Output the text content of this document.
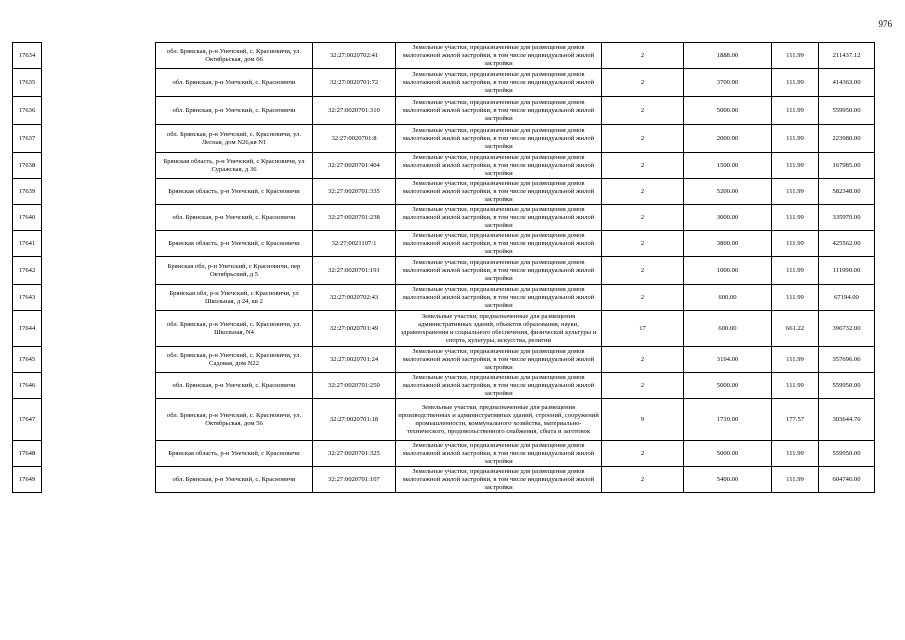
976
17634		обл. Брянская, р-н Унечский, с. Красновичи, ул. Октябрьская, дом 66	32:27:0020702:41	Земельные участки, предназначенные для размещения домов малоэтажной жилой застройки, в том числе индивидуальной жилой застройки	2	1888.00	111.99	211437.12
17635		обл. Брянская, р-н Унечский, с. Красновичи	32:27:0020701:72	Земельные участки, предназначенные для размещения домов малоэтажной жилой застройки, в том числе индивидуальной жилой застройки	2	3700.00	111.99	414363.00
17636		обл. Брянская, р-н Унечский, с. Красновичи	32:27:0020701:310	Земельные участки, предназначенные для размещения домов малоэтажной жилой застройки, в том числе индивидуальной жилой застройки	2	5000.00	111.99	559950.00
17637		обл. Брянская, р-н Унечский, с. Красновичи, ул. Лесная, дом N26,кв N1	32:27:0020701:8	Земельные участки, предназначенные для размещения домов малоэтажной жилой застройки, в том числе индивидуальной жилой застройки	2	2000.00	111.99	223980.00
17638		Брянская область, р-н Унечский, с Красновичи, ул Суражская, д 36	32:27:0020701:404	Земельные участки, предназначенные для размещения домов малоэтажной жилой застройки, в том числе индивидуальной жилой застройки	2	1500.00	111.99	167985.00
17639		Брянская область, р-н Унечский, с Красновичи	32:27:0020701:335	Земельные участки, предназначенные для размещения домов малоэтажной жилой застройки, в том числе индивидуальной жилой застройки	2	5200.00	111.99	582348.00
17640		обл. Брянская, р-н Унечский, с. Красновичи	32:27:0020701:238	Земельные участки, предназначенные для размещения домов малоэтажной жилой застройки, в том числе индивидуальной жилой застройки	2	3000.00	111.99	335970.00
17641		Брянская область, р-н Унечский, с Красновичи	32:27:0021107:1	Земельные участки, предназначенные для размещения домов малоэтажной жилой застройки, в том числе индивидуальной жилой застройки	2	3800.00	111.99	425562.00
17642		Брянская обл, р-н Унечский, с Красновичи, пер Октябрьский, д 5	32:27:0020701:191	Земельные участки, предназначенные для размещения домов малоэтажной жилой застройки, в том числе индивидуальной жилой застройки	2	1000.00	111.99	111990.00
17643		Брянская обл, р-н Унечский, с Красновичи, ул Школьная, д 24, кв 2	32:27:0020702:43	Земельные участки, предназначенные для размещения домов малоэтажной жилой застройки, в том числе индивидуальной жилой застройки	2	600.00	111.99	67194.00
17644		обл. Брянская, р-н Унечский, с. Красновичи, ул. Школьная, N4	32:27:0020701:49	Земельные участки, предназначенные для размещения административных зданий, объектов образования, науки, здравоохранения и социального обеспечения, физической культуры и спорта, культуры, искусства, религии	17	600.00	661.22	396732.00
17645		обл. Брянская, р-н Унечский, с. Красновичи, ул. Садовая, дом N22	32:27:0020701:24	Земельные участки, предназначенные для размещения домов малоэтажной жилой застройки, в том числе индивидуальной жилой застройки	2	3194.00	111.99	357696.06
17646		обл. Брянская, р-н Унечский, с. Красновичи	32:27:0020701:250	Земельные участки, предназначенные для размещения домов малоэтажной жилой застройки, в том числе индивидуальной жилой застройки	2	5000.00	111.99	559950.00
17647		обл. Брянская, р-н Унечский, с. Красновичи, ул. Октябрьская, дом 56	32:27:0020701:18	Земельные участки, предназначенные для размещения производственных и административных зданий, строений, сооружений промышленности, коммунального хозяйства, материально-технического, продовольственного снабжения, сбыта и заготовок	9	1710.00	177.57	303644.70
17648		Брянская область, р-н Унечский, с Красновичи	32:27:0020701:325	Земельные участки, предназначенные для размещения домов малоэтажной жилой застройки, в том числе индивидуальной жилой застройки	2	5000.00	111.99	559950.00
17649		обл. Брянская, р-н Унечский, с. Красновичи	32:27:0020701:107	Земельные участки, предназначенные для размещения домов малоэтажной жилой застройки, в том числе индивидуальной жилой застройки	2	5400.00	111.99	604746.00
